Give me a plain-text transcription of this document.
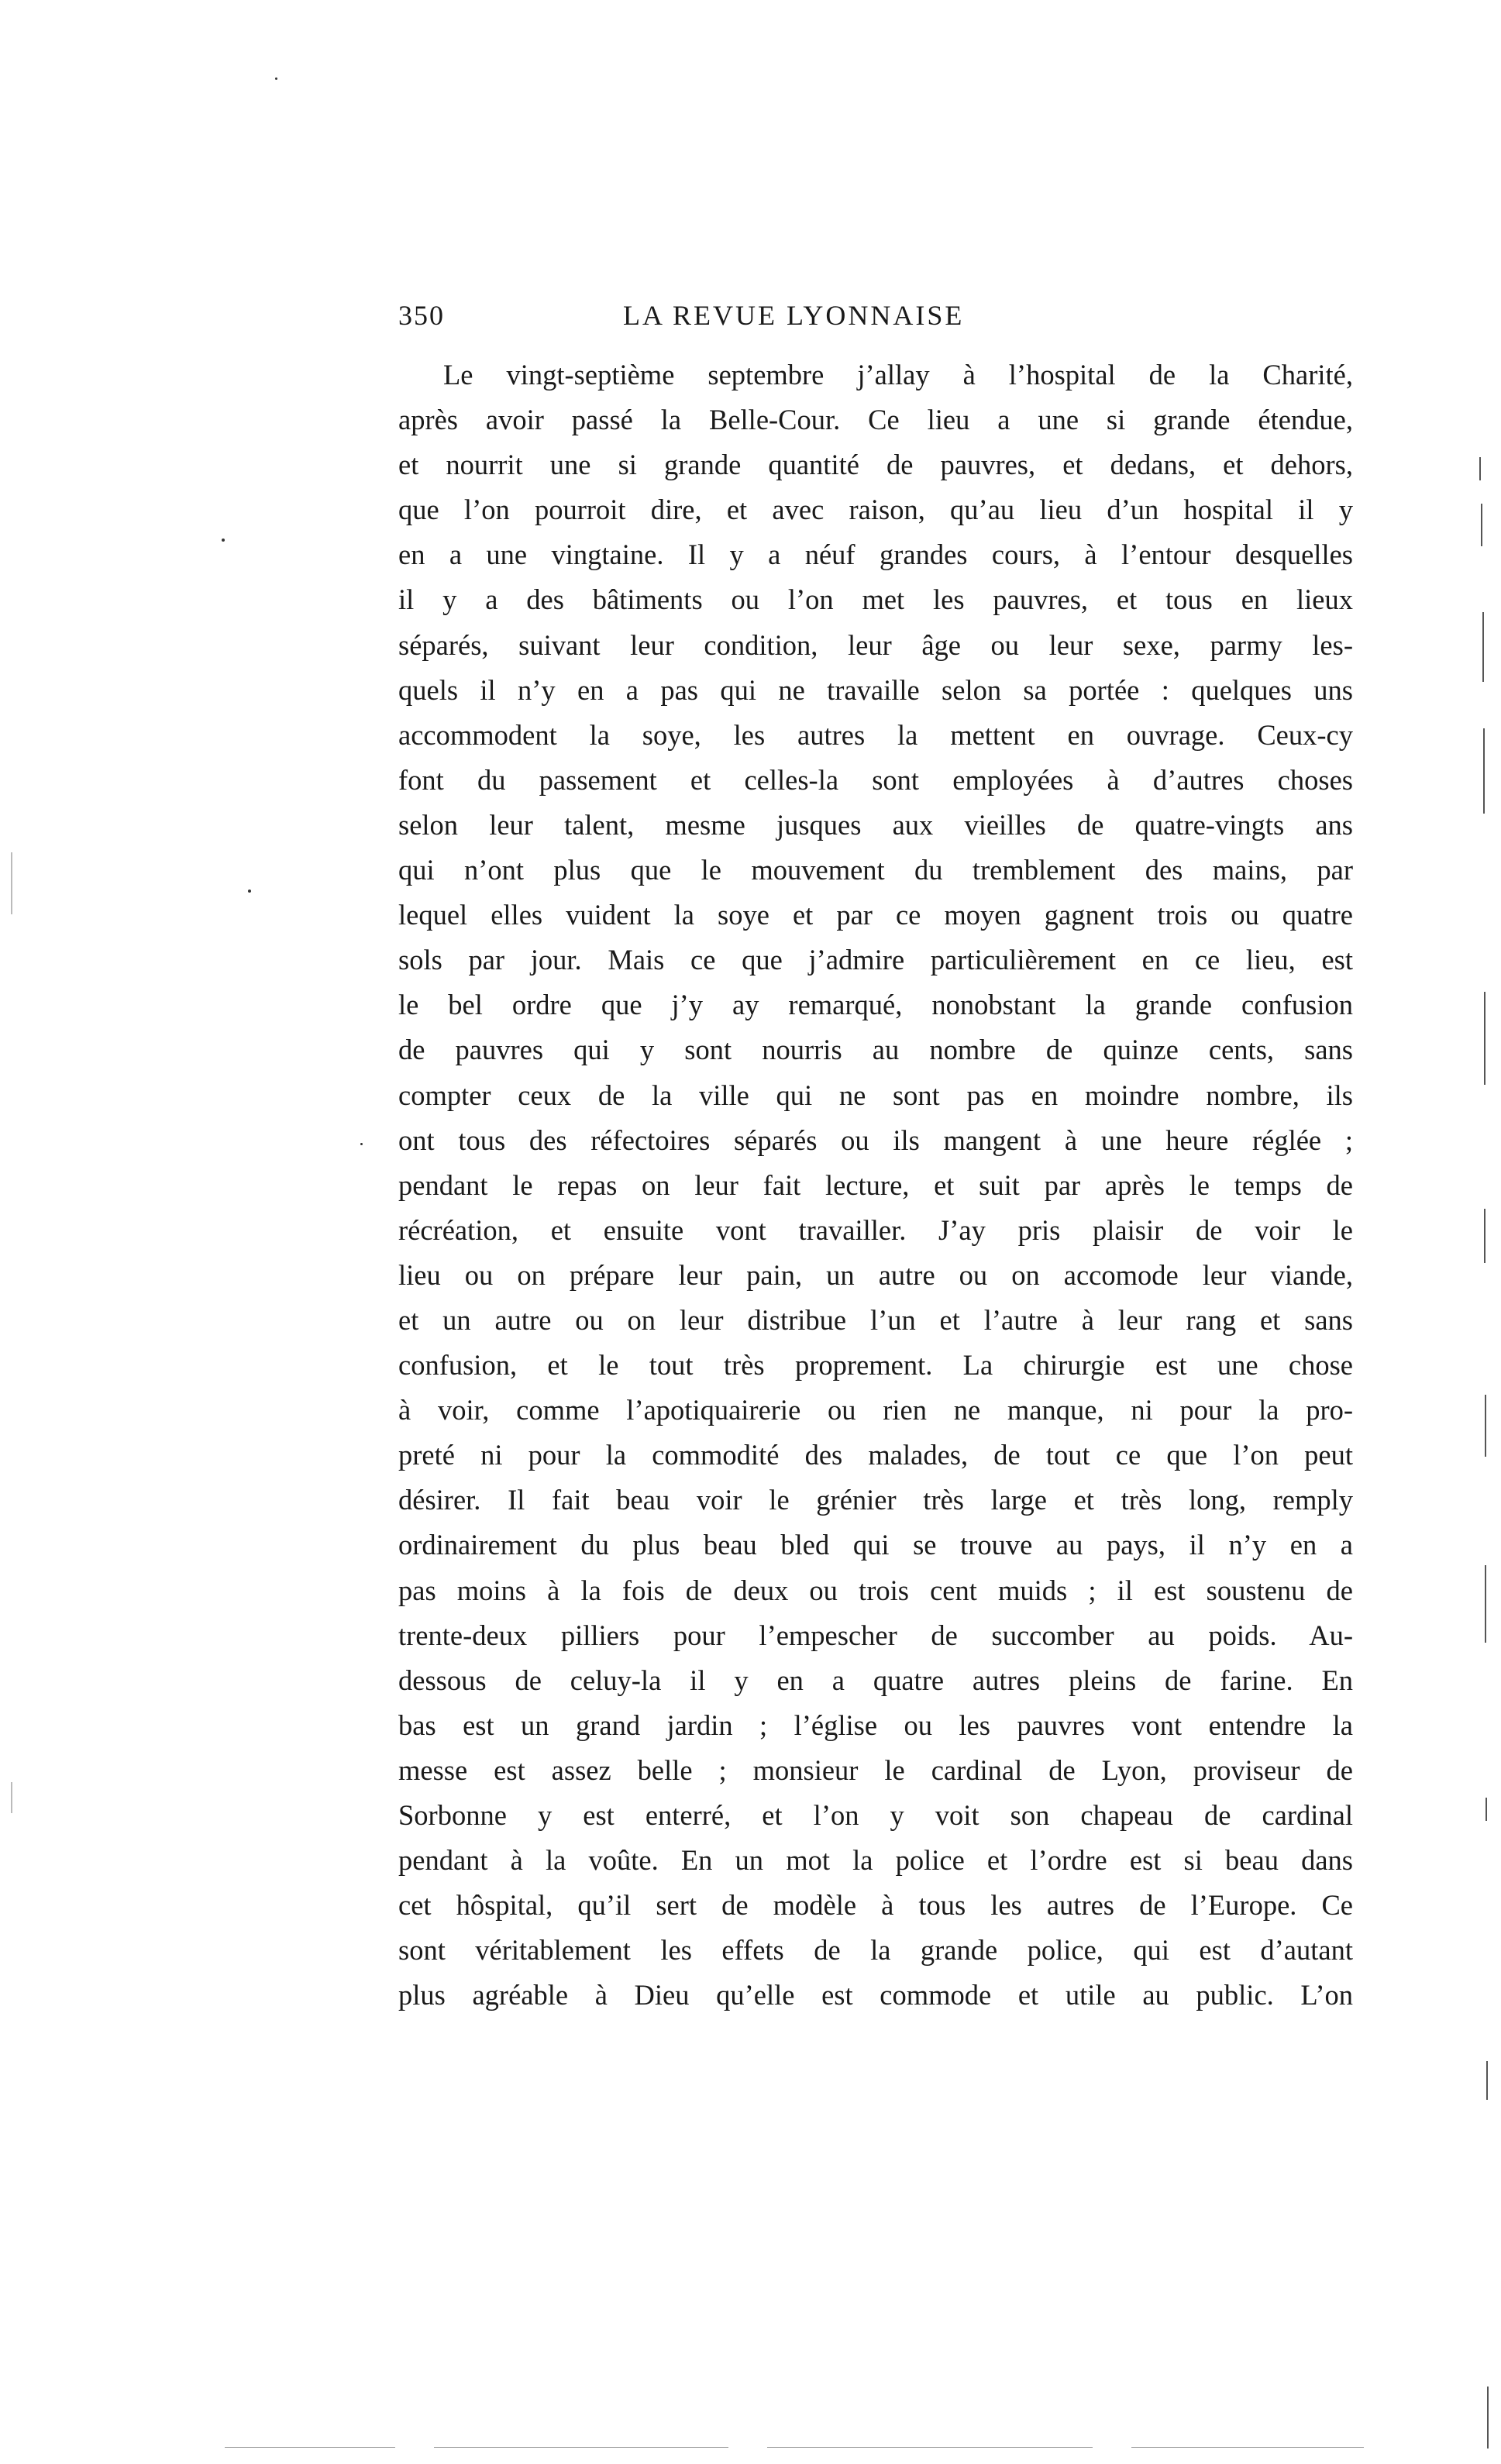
350	LA REVUE LYONNAISE
Le vingt-septième septembre j’allay à l’hospital de la Charité,
après avoir passé la Belle-Cour. Ce lieu a une si grande étendue,
et nourrit une si grande quantité de pauvres, et dedans, et dehors,
que l’on pourroit dire, et avec raison, qu’au lieu d’un hospital il y
en a une vingtaine. Il y a néuf grandes cours, à l’entour desquelles
il y a des bâtiments ou l’on met les pauvres, et tous en lieux
séparés, suivant leur condition, leur âge ou leur sexe, parmy les-
quels il n’y en a pas qui ne travaille selon sa portée : quelques uns
accommodent la soye, les autres la mettent en ouvrage. Ceux-cy
font du passement et celles-la sont employées à d’autres choses
selon leur talent, mesme jusques aux vieilles de quatre-vingts ans
qui n’ont plus que le mouvement du tremblement des mains, par
lequel elles vuident la soye et par ce moyen gagnent trois ou quatre
sols par jour. Mais ce que j’admire particulièrement en ce lieu, est
le bel ordre que j’y ay remarqué, nonobstant la grande confusion
de pauvres qui y sont nourris au nombre de quinze cents, sans
compter ceux de la ville qui ne sont pas en moindre nombre, ils
ont tous des réfectoires séparés ou ils mangent à une heure réglée ;
pendant le repas on leur fait lecture, et suit par après le temps de
récréation, et ensuite vont travailler. J’ay pris plaisir de voir le
lieu ou on prépare leur pain, un autre ou on accomode leur viande,
et un autre ou on leur distribue l’un et l’autre à leur rang et sans
confusion, et le tout très proprement. La chirurgie est une chose
à voir, comme l’apotiquairerie ou rien ne manque, ni pour la pro-
preté ni pour la commodité des malades, de tout ce que l’on peut
désirer. Il fait beau voir le grénier très large et très long, remply
ordinairement du plus beau bled qui se trouve au pays, il n’y en a
pas moins à la fois de deux ou trois cent muids ; il est soustenu de
trente-deux pilliers pour l’empescher de succomber au poids. Au-
dessous de celuy-la il y en a quatre autres pleins de farine. En
bas est un grand jardin ; l’église ou les pauvres vont entendre la
messe est assez belle ; monsieur le cardinal de Lyon, proviseur de
Sorbonne y est enterré, et l’on y voit son chapeau de cardinal
pendant à la voûte. En un mot la police et l’ordre est si beau dans
cet hôspital, qu’il sert de modèle à tous les autres de l’Europe. Ce
sont véritablement les effets de la grande police, qui est d’autant
plus agréable à Dieu qu’elle est commode et utile au public. L’on
